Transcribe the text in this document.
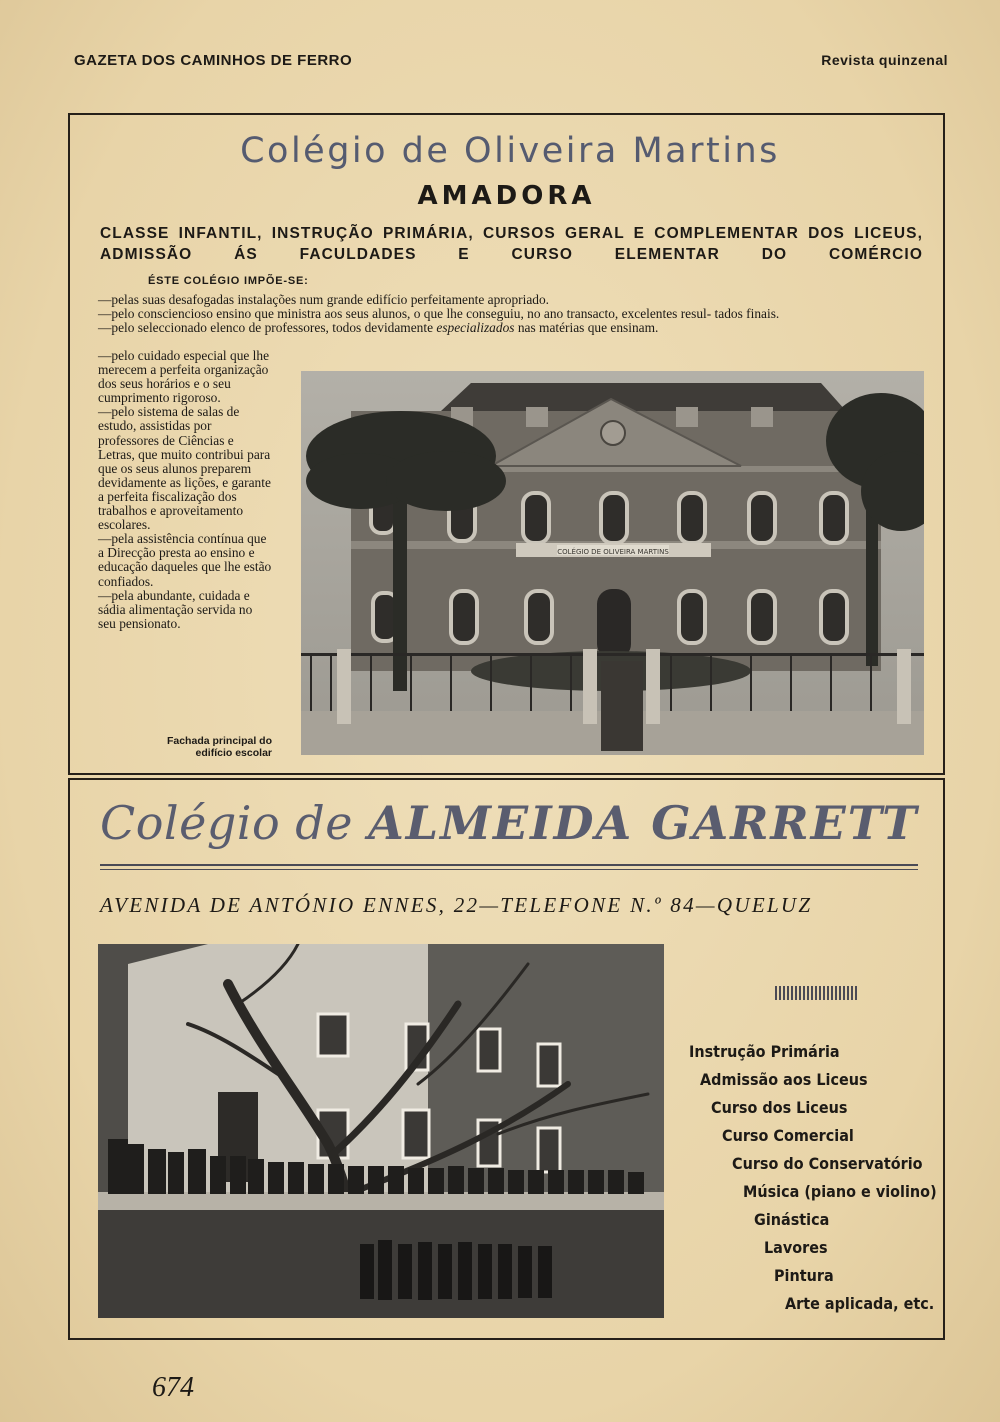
GAZETA DOS CAMINHOS DE FERRO	Revista quinzenal
Colégio de Oliveira Martins
AMADORA
CLASSE INFANTIL, INSTRUÇÃO PRIMÁRIA, CURSOS GERAL E COMPLEMENTAR DOS LICEUS, ADMISSÃO ÁS FACULDADES E CURSO ELEMENTAR DO COMÉRCIO
ÉSTE COLÉGIO IMPÕE-SE:

—pelas suas desafogadas instalações num grande edifício perfeitamente apropriado.

—pelo consciencioso ensino que ministra aos seus alunos, o que lhe conseguiu, no ano transacto, excelentes resul- tados finais.

—pelo seleccionado elenco de professores, todos devidamente especializados nas matérias que ensinam.

—pelo cuidado especial que lhe merecem a perfeita organização dos seus horários e o seu cumprimento rigoroso.

—pelo sistema de salas de estudo, assistidas por professores de Ciências e Letras, que muito contribui para que os seus alunos preparem devidamente as lições, e garante a perfeita fiscalização dos trabalhos e aproveitamento escolares.

—pela assistência contínua que a Direcção presta ao ensino e educação daqueles que lhe estão confiados.

—pela abundante, cuidada e sádia alimentação servida no seu pensionato.

Fachada principal do edifício escolar
COLÉGIO DE OLIVEIRA MARTINS
Colégio de ALMEIDA GARRETT
AVENIDA DE ANTÓNIO ENNES, 22—TELEFONE N.º 84—QUELUZ
Instrução Primária
Admissão aos Liceus
Curso dos Liceus
Curso Comercial
Curso do Conservatório
Música (piano e violino)
Ginástica
Lavores
Pintura
Arte aplicada, etc.
674
